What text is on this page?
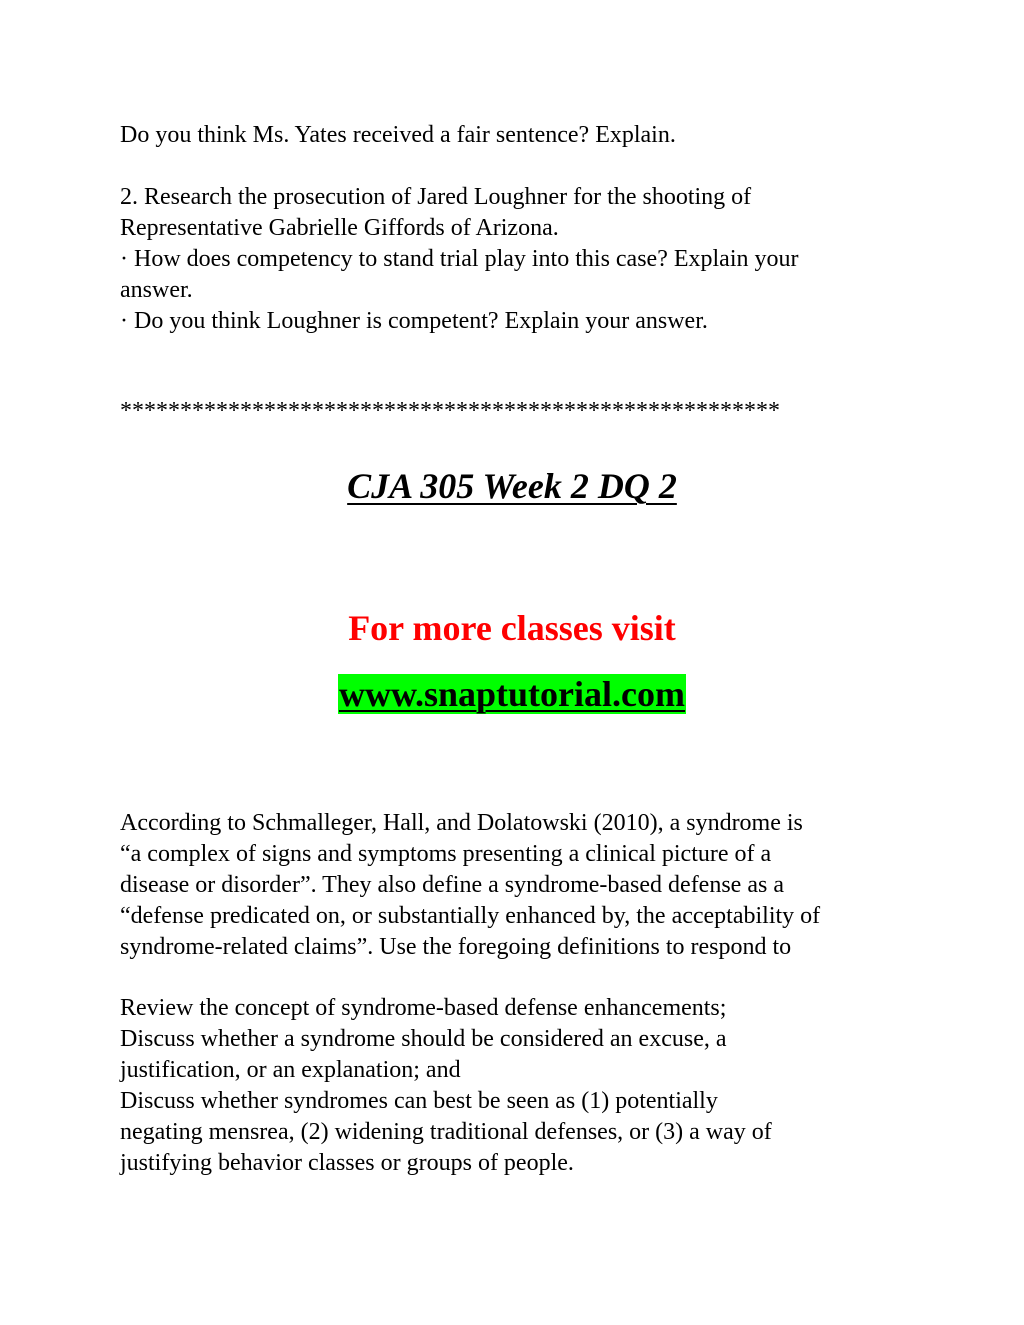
Do you think Ms. Yates received a fair sentence? Explain.
2. Research the prosecution of Jared Loughner for the shooting of
Representative Gabrielle Giffords of Arizona.
· How does competency to stand trial play into this case? Explain your
answer.
· Do you think Loughner is competent? Explain your answer.
*******************************************************
CJA 305 Week 2 DQ 2
For more classes visit
www.snaptutorial.com
According to Schmalleger, Hall, and Dolatowski (2010), a syndrome is
“a complex of signs and symptoms presenting a clinical picture of a
disease or disorder”. They also define a syndrome-based defense as a
“defense predicated on, or substantially enhanced by, the acceptability of
syndrome-related claims”. Use the foregoing definitions to respond to
Review the concept of syndrome-based defense enhancements;
Discuss whether a syndrome should be considered an excuse, a
justification, or an explanation; and
Discuss whether syndromes can best be seen as (1) potentially
negating mensrea, (2) widening traditional defenses, or (3) a way of
justifying behavior classes or groups of people.
